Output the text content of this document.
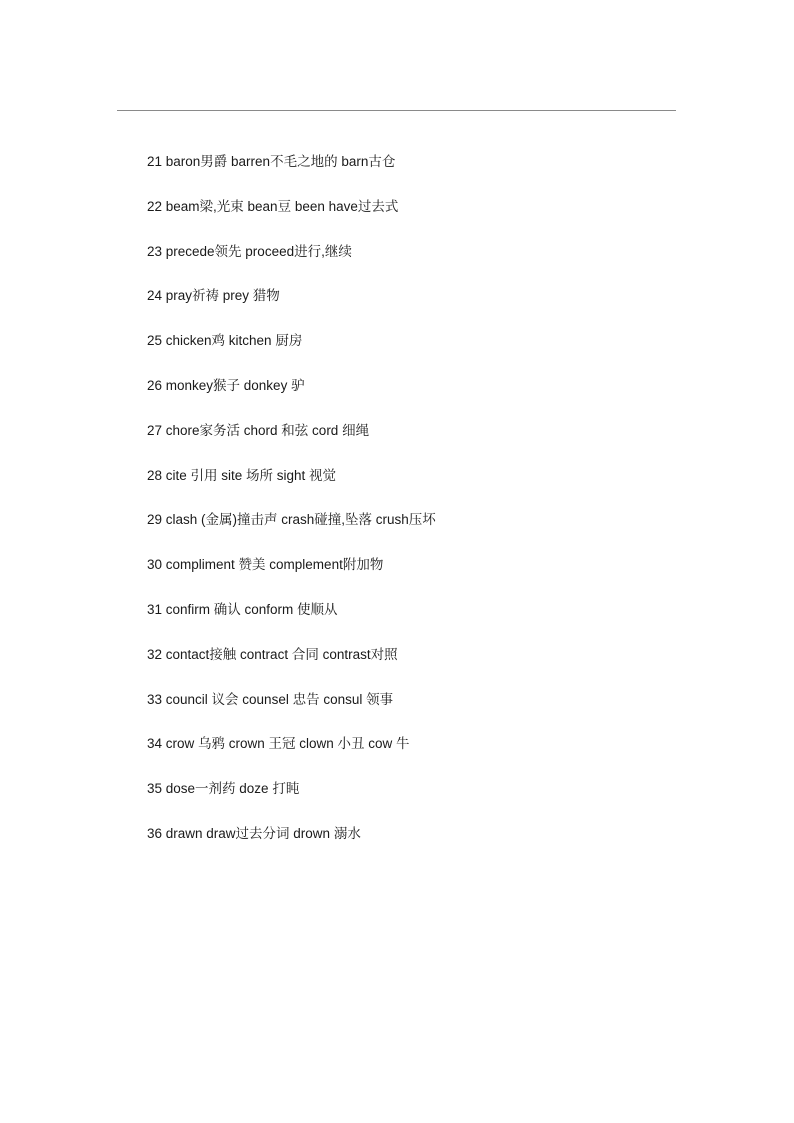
21 baron男爵 barren不毛之地的 barn古仓
22 beam梁,光束 bean豆 been have过去式
23 precede领先 proceed进行,继续
24 pray祈祷 prey 猎物
25 chicken鸡 kitchen 厨房
26 monkey猴子 donkey 驴
27 chore家务活 chord 和弦 cord 细绳
28 cite 引用 site 场所 sight 视觉
29 clash (金属)撞击声 crash碰撞,坠落 crush压坏
30 compliment 赞美 complement附加物
31 confirm 确认 conform 使顺从
32 contact接触 contract 合同 contrast对照
33 council 议会 counsel 忠告 consul 领事
34 crow 乌鸦 crown 王冠 clown 小丑 cow 牛
35 dose一剂药 doze 打盹
36 drawn draw过去分词 drown 溺水
